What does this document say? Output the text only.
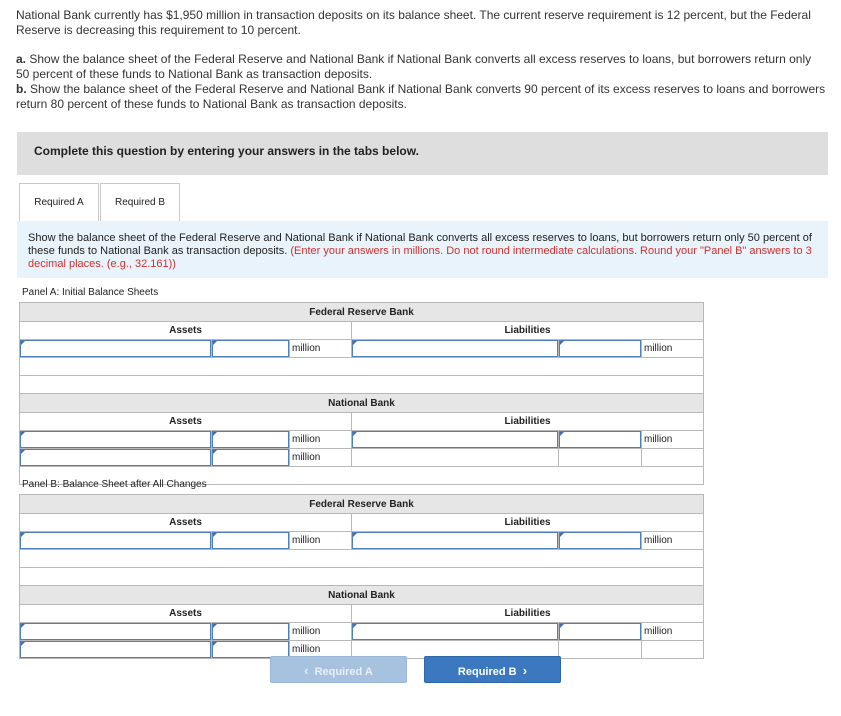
National Bank currently has $1,950 million in transaction deposits on its balance sheet. The current reserve requirement is 12 percent, but the Federal Reserve is decreasing this requirement to 10 percent.

a. Show the balance sheet of the Federal Reserve and National Bank if National Bank converts all excess reserves to loans, but borrowers return only 50 percent of these funds to National Bank as transaction deposits.

b. Show the balance sheet of the Federal Reserve and National Bank if National Bank converts 90 percent of its excess reserves to loans and borrowers return 80 percent of these funds to National Bank as transaction deposits.

Complete this question by entering your answers in the tabs below.
Required A	Required B
Show the balance sheet of the Federal Reserve and National Bank if National Bank converts all excess reserves to loans, but borrowers return only 50 percent of these funds to National Bank as transaction deposits. (Enter your answers in millions. Do not round intermediate calculations. Round your "Panel B" answers to 3 decimal places. (e.g., 32.161))
Panel A: Initial Balance Sheets
Federal Reserve Bank					
Assets			Liabilities		
		million			million

National Bank					
Assets			Liabilities		
		million			million
		million			

Panel B: Balance Sheet after All Changes
Federal Reserve Bank					
Assets			Liabilities		
		million			million

National Bank					
Assets			Liabilities		
		million			million
		million			
‹ Required A	Required B ›
